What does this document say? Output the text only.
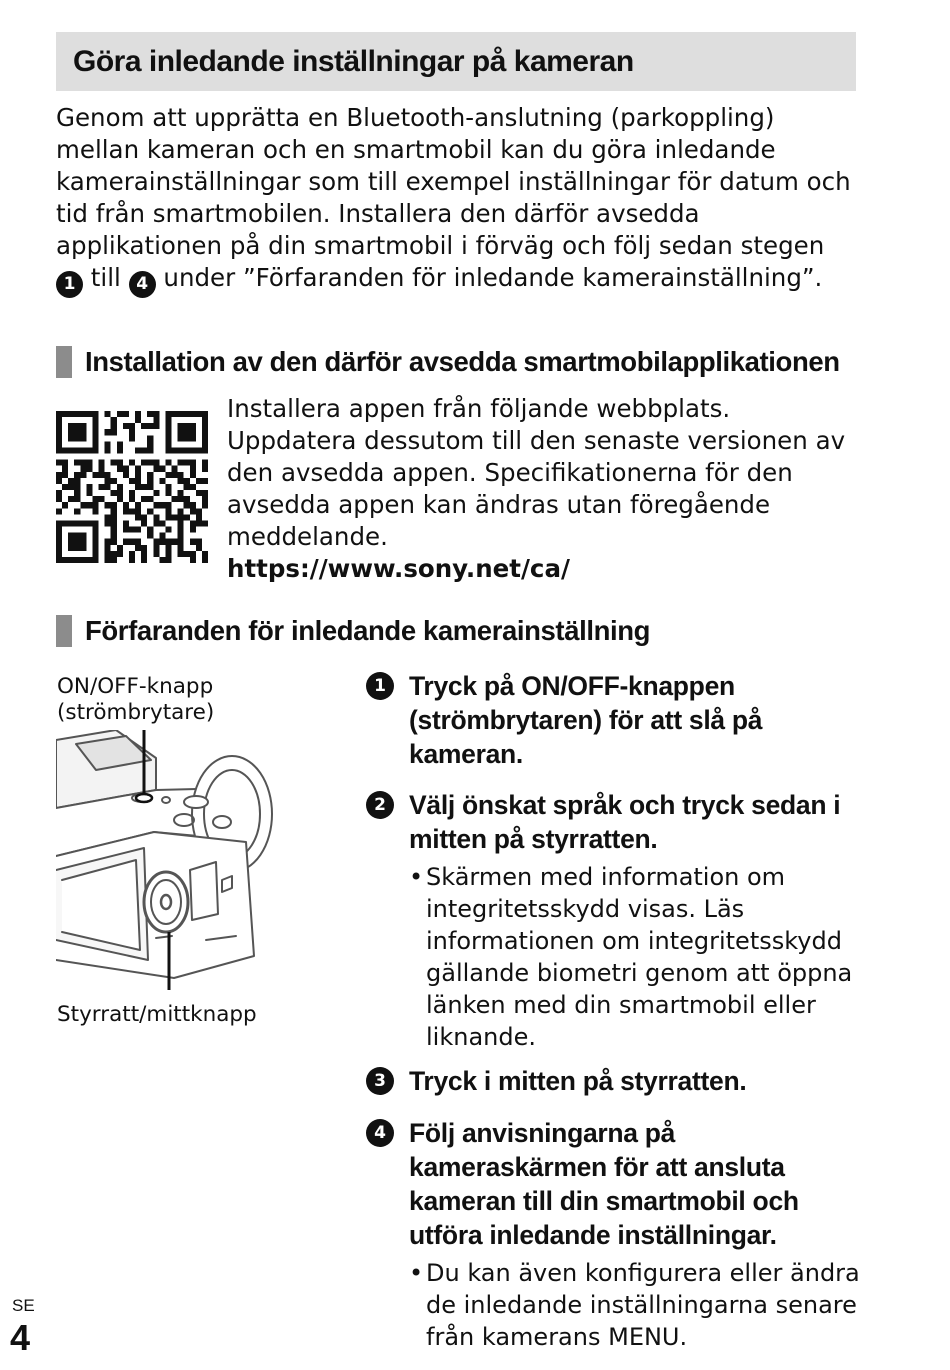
Göra inledande inställningar på kameran

Genom att upprätta en Bluetooth-anslutning (parkoppling) mellan kameran och en smartmobil kan du göra inledande kamerainställningar som till exempel inställningar för datum och tid från smartmobilen. Installera den därför avsedda applikationen på din smartmobil i förväg och följ sedan stegen 1 till 4 under ”Förfaranden för inledande kamerainställning”.

Installation av den därför avsedda smartmobilapplikationen

Installera appen från följande webbplats. Uppdatera dessutom till den senaste versionen av den avsedda appen. Specifikationerna för den avsedda appen kan ändras utan föregående meddelande.

https://www.sony.net/ca/
Förfaranden för inledande kamerainställning
ON/OFF-knapp
(strömbrytare)
Styrratt/mittknapp
1 Tryck på ON/OFF-knappen (strömbrytaren) för att slå på kameran.
2 Välj önskat språk och tryck sedan i mitten på styrratten.
• Skärmen med information om integritetsskydd visas. Läs informationen om integritetsskydd gällande biometri genom att öppna länken med din smartmobil eller liknande.
3 Tryck i mitten på styrratten.
4 Följ anvisningarna på kameraskärmen för att ansluta kameran till din smartmobil och utföra inledande inställningar.
• Du kan även konfigurera eller ändra de inledande inställningarna senare från kamerans MENU.
SE
4
